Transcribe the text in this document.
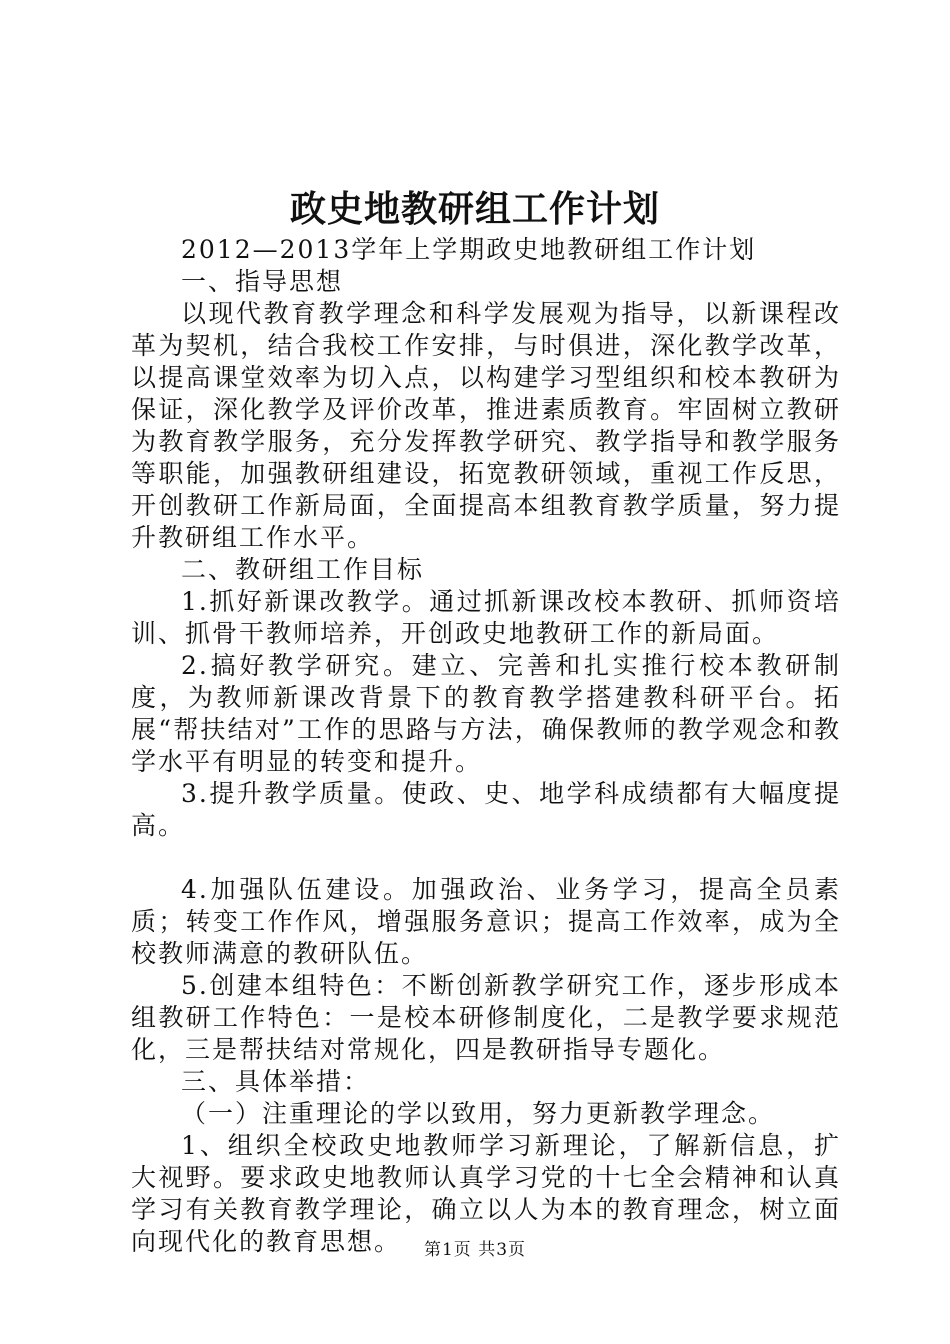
政史地教研组工作计划

2012—2013学年上学期政史地教研组工作计划

一、指导思想

以现代教育教学理念和科学发展观为指导，以新课程改革为契机，结合我校工作安排，与时俱进，深化教学改革，以提高课堂效率为切入点，以构建学习型组织和校本教研为保证，深化教学及评价改革，推进素质教育。牢固树立教研为教育教学服务，充分发挥教学研究、教学指导和教学服务等职能，加强教研组建设，拓宽教研领域，重视工作反思，开创教研工作新局面，全面提高本组教育教学质量，努力提升教研组工作水平。

二、教研组工作目标

1.抓好新课改教学。通过抓新课改校本教研、抓师资培训、抓骨干教师培养，开创政史地教研工作的新局面。

2.搞好教学研究。建立、完善和扎实推行校本教研制度，为教师新课改背景下的教育教学搭建教科研平台。拓展“帮扶结对”工作的思路与方法，确保教师的教学观念和教学水平有明显的转变和提升。

3.提升教学质量。使政、史、地学科成绩都有大幅度提高。

4.加强队伍建设。加强政治、业务学习，提高全员素质；转变工作作风，增强服务意识；提高工作效率，成为全校教师满意的教研队伍。

5.创建本组特色：不断创新教学研究工作，逐步形成本组教研工作特色：一是校本研修制度化，二是教学要求规范化，三是帮扶结对常规化，四是教研指导专题化。

三、具体举措：

（一）注重理论的学以致用，努力更新教学理念。

1、组织全校政史地教师学习新理论，了解新信息，扩大视野。要求政史地教师认真学习党的十七全会精神和认真学习有关教育教学理论，确立以人为本的教育理念，树立面向现代化的教育思想。	第1页 共3页
